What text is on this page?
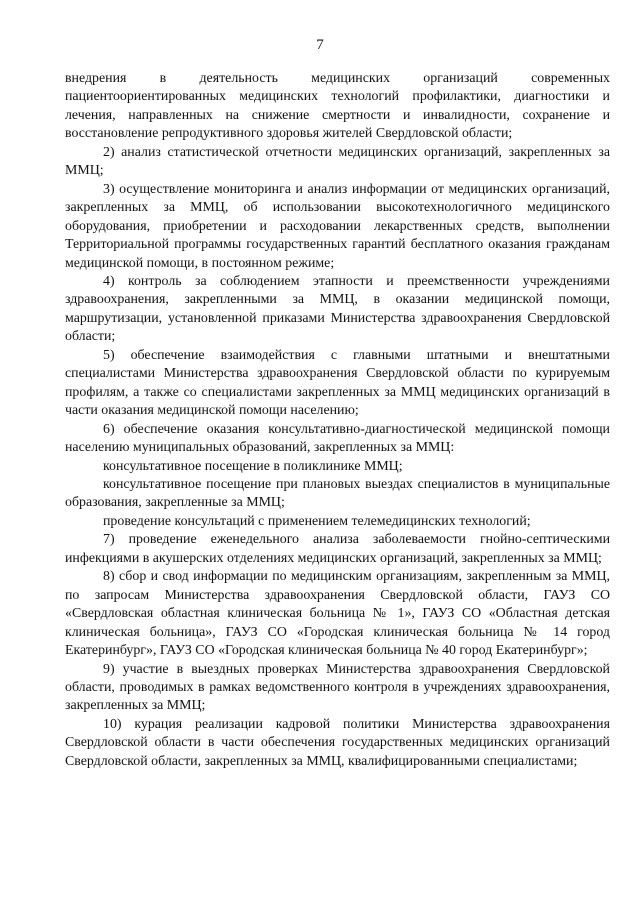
7

внедрения в деятельность медицинских организаций современных пациентоориентированных медицинских технологий профилактики, диагностики и лечения, направленных на снижение смертности и инвалидности, сохранение и восстановление репродуктивного здоровья жителей Свердловской области;

2) анализ статистической отчетности медицинских организаций, закрепленных за ММЦ;

3) осуществление мониторинга и анализ информации от медицинских организаций, закрепленных за ММЦ, об использовании высокотехнологичного медицинского оборудования, приобретении и расходовании лекарственных средств, выполнении Территориальной программы государственных гарантий бесплатного оказания гражданам медицинской помощи, в постоянном режиме;

4) контроль за соблюдением этапности и преемственности учреждениями здравоохранения, закрепленными за ММЦ, в оказании медицинской помощи, маршрутизации, установленной приказами Министерства здравоохранения Свердловской области;

5) обеспечение взаимодействия с главными штатными и внештатными специалистами Министерства здравоохранения Свердловской области по курируемым профилям, а также со специалистами закрепленных за ММЦ медицинских организаций в части оказания медицинской помощи населению;

6) обеспечение оказания консультативно-диагностической медицинской помощи населению муниципальных образований, закрепленных за ММЦ:

консультативное посещение в поликлинике ММЦ;

консультативное посещение при плановых выездах специалистов в муниципальные образования, закрепленные за ММЦ;

проведение консультаций с применением телемедицинских технологий;

7) проведение еженедельного анализа заболеваемости гнойно-септическими инфекциями в акушерских отделениях медицинских организаций, закрепленных за ММЦ;

8) сбор и свод информации по медицинским организациям, закрепленным за ММЦ, по запросам Министерства здравоохранения Свердловской области, ГАУЗ СО «Свердловская областная клиническая больница № 1», ГАУЗ СО «Областная детская клиническая больница», ГАУЗ СО «Городская клиническая больница № 14 город Екатеринбург», ГАУЗ СО «Городская клиническая больница № 40 город Екатеринбург»;

9) участие в выездных проверках Министерства здравоохранения Свердловской области, проводимых в рамках ведомственного контроля в учреждениях здравоохранения, закрепленных за ММЦ;

10) курация реализации кадровой политики Министерства здравоохранения Свердловской области в части обеспечения государственных медицинских организаций Свердловской области, закрепленных за ММЦ, квалифицированными специалистами;
